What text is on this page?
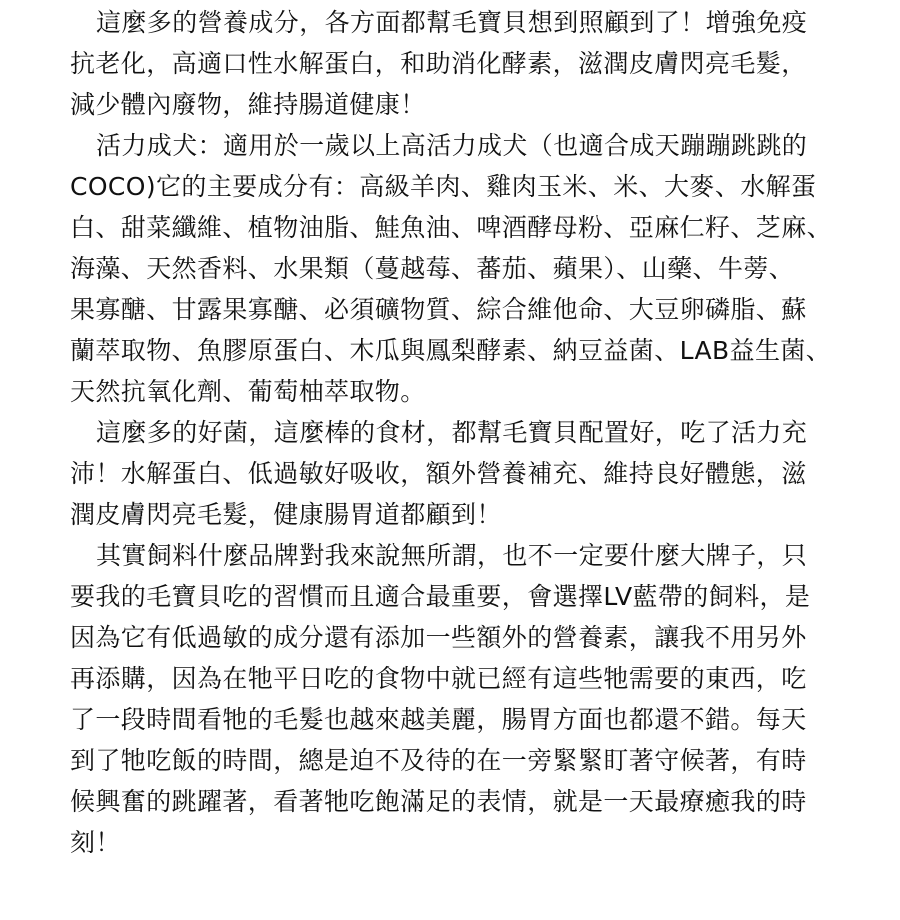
這麼多的營養成分，各方面都幫毛寶貝想到照顧到了！增強免疫
抗老化，高適口性水解蛋白，和助消化酵素，滋潤皮膚閃亮毛髮，
減少體內廢物，維持腸道健康！
活力成犬：適用於一歲以上高活力成犬（也適合成天蹦蹦跳跳的
COCO)它的主要成分有：高級羊肉、雞肉玉米、米、大麥、水解蛋
白、甜菜纖維、植物油脂、鮭魚油、啤酒酵母粉、亞麻仁籽、芝麻、
海藻、天然香料、水果類（蔓越莓、蕃茄、蘋果）、山藥、牛蒡、
果寡醣、甘露果寡醣、必須礦物質、綜合維他命、大豆卵磷脂、蘇
蘭萃取物、魚膠原蛋白、木瓜與鳳梨酵素、納豆益菌、LAB益生菌、
天然抗氧化劑、葡萄柚萃取物。
這麼多的好菌，這麼棒的食材，都幫毛寶貝配置好，吃了活力充
沛！水解蛋白、低過敏好吸收，額外營養補充、維持良好體態，滋
潤皮膚閃亮毛髮，健康腸胃道都顧到！
其實飼料什麼品牌對我來說無所謂，也不一定要什麼大牌子，只
要我的毛寶貝吃的習慣而且適合最重要，會選擇LV藍帶的飼料，是
因為它有低過敏的成分還有添加一些額外的營養素，讓我不用另外
再添購，因為在牠平日吃的食物中就已經有這些牠需要的東西，吃
了一段時間看牠的毛髮也越來越美麗，腸胃方面也都還不錯。每天
到了牠吃飯的時間，總是迫不及待的在一旁緊緊盯著守候著，有時
候興奮的跳躍著，看著牠吃飽滿足的表情，就是一天最療癒我的時
刻！
